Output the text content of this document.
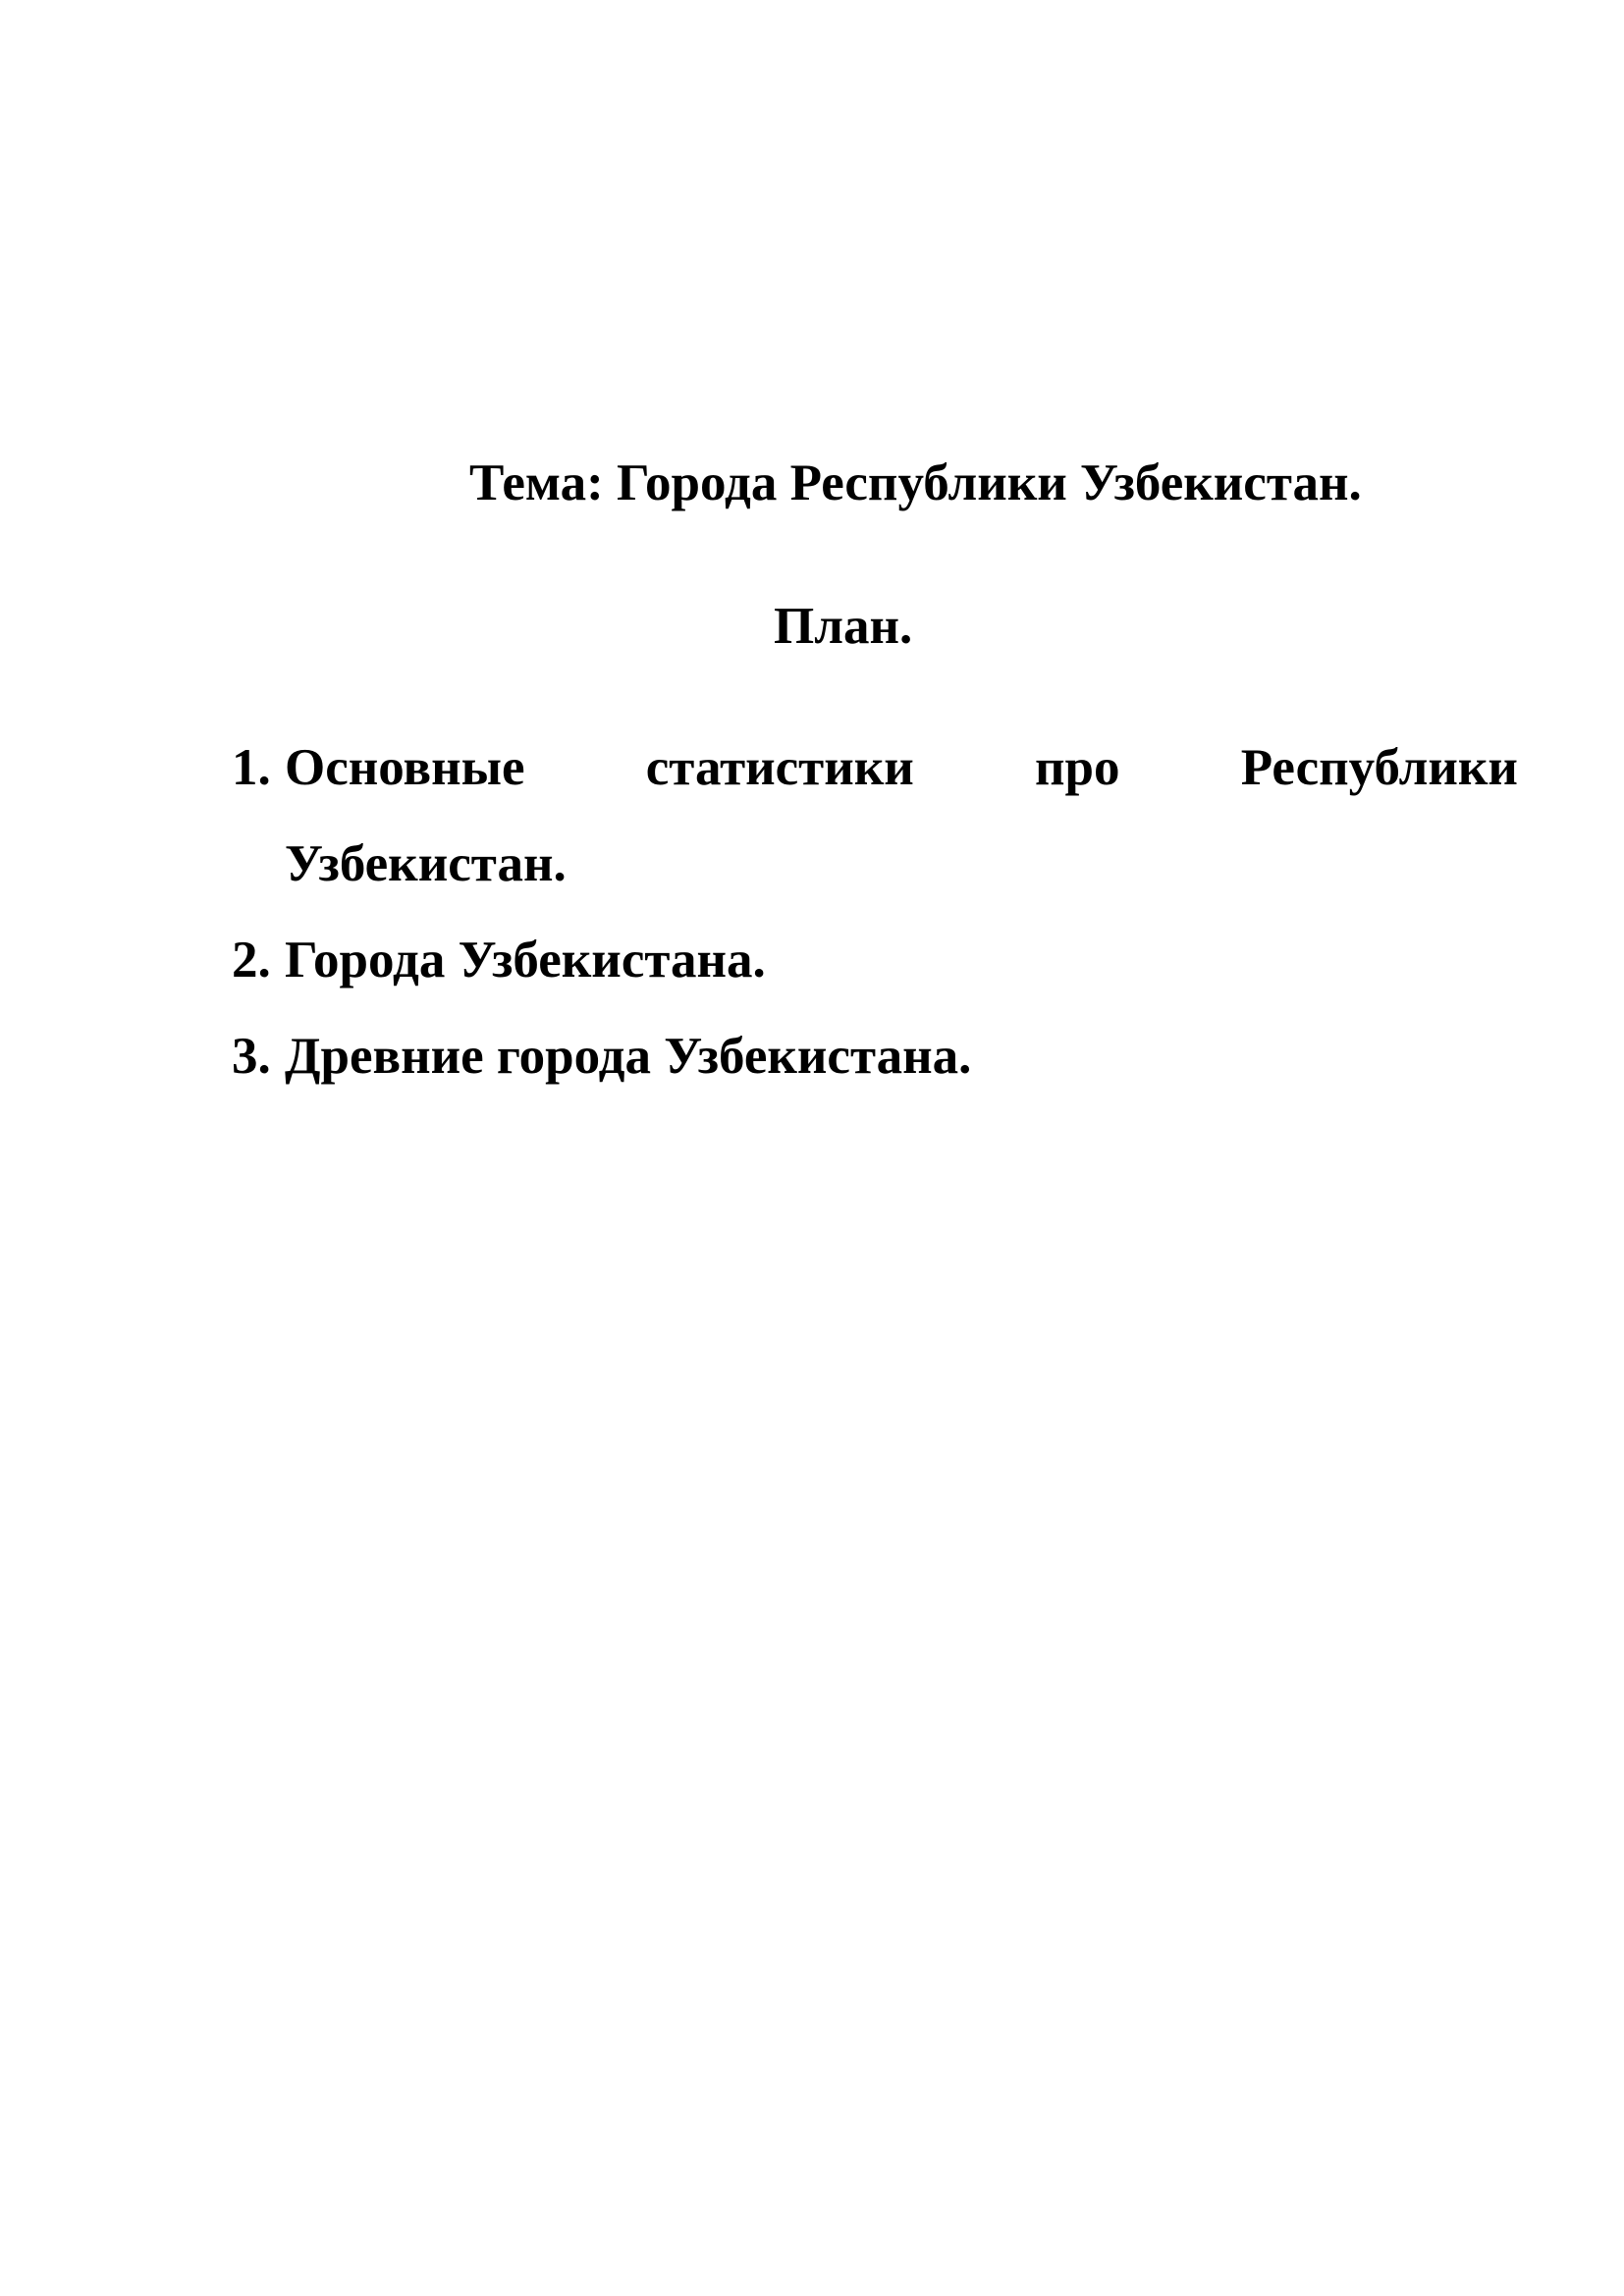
Тема: Города Республики Узбекистан.
План.
1. Основные статистики про Республики
Узбекистан.
2. Города Узбекистана.
3. Древние города Узбекистана.
